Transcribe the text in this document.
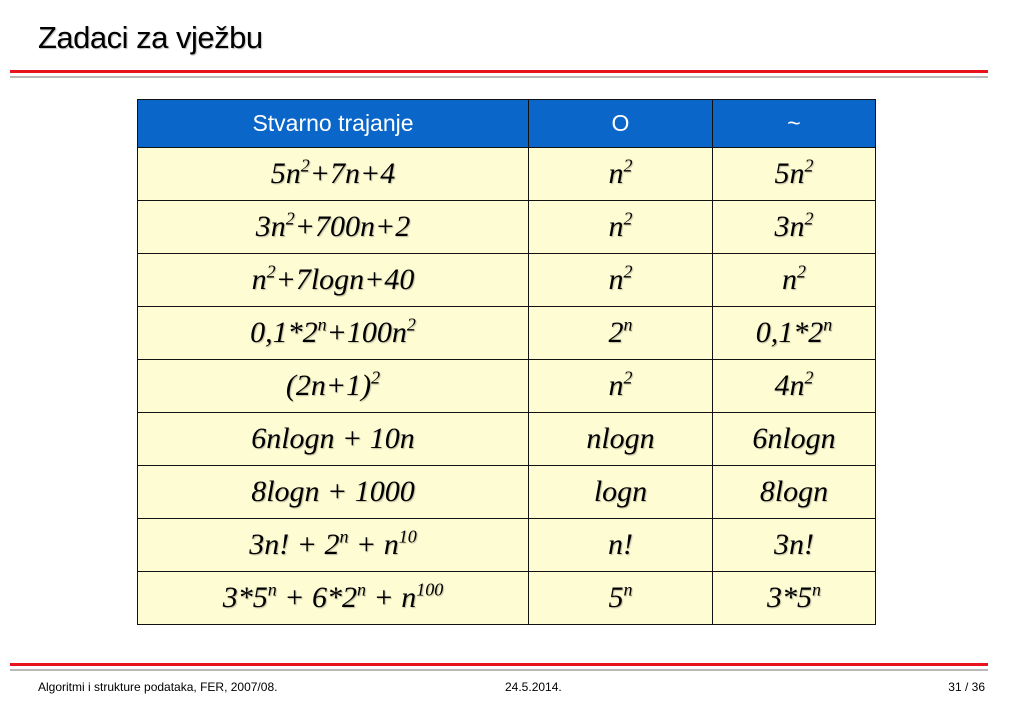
Zadaci za vježbu
Stvarno trajanje	O	~
$5n^2+7n+4$	$n^2$	$5n^2$
$3n^2+700n+2$	$n^2$	$3n^2$
$n^2+7\log n+40$	$n^2$	$n^2$
$0,1*2^n+100n^2$	2$^n$	0,1*2$^n$
$(2n+1)^2$	$n^2$	$4n^2$
6nlogn + 10n	nlogn	6nlogn
8logn + 1000	logn	8logn
3n! + $2^n + n^{10}$	n!	3n!
$3*5^n + 6*2^n + n^{100}$	5$^n$	3*5$^n$
Algoritmi i strukture podataka, FER, 2007/08.	24.5.2014.	31 / 36
